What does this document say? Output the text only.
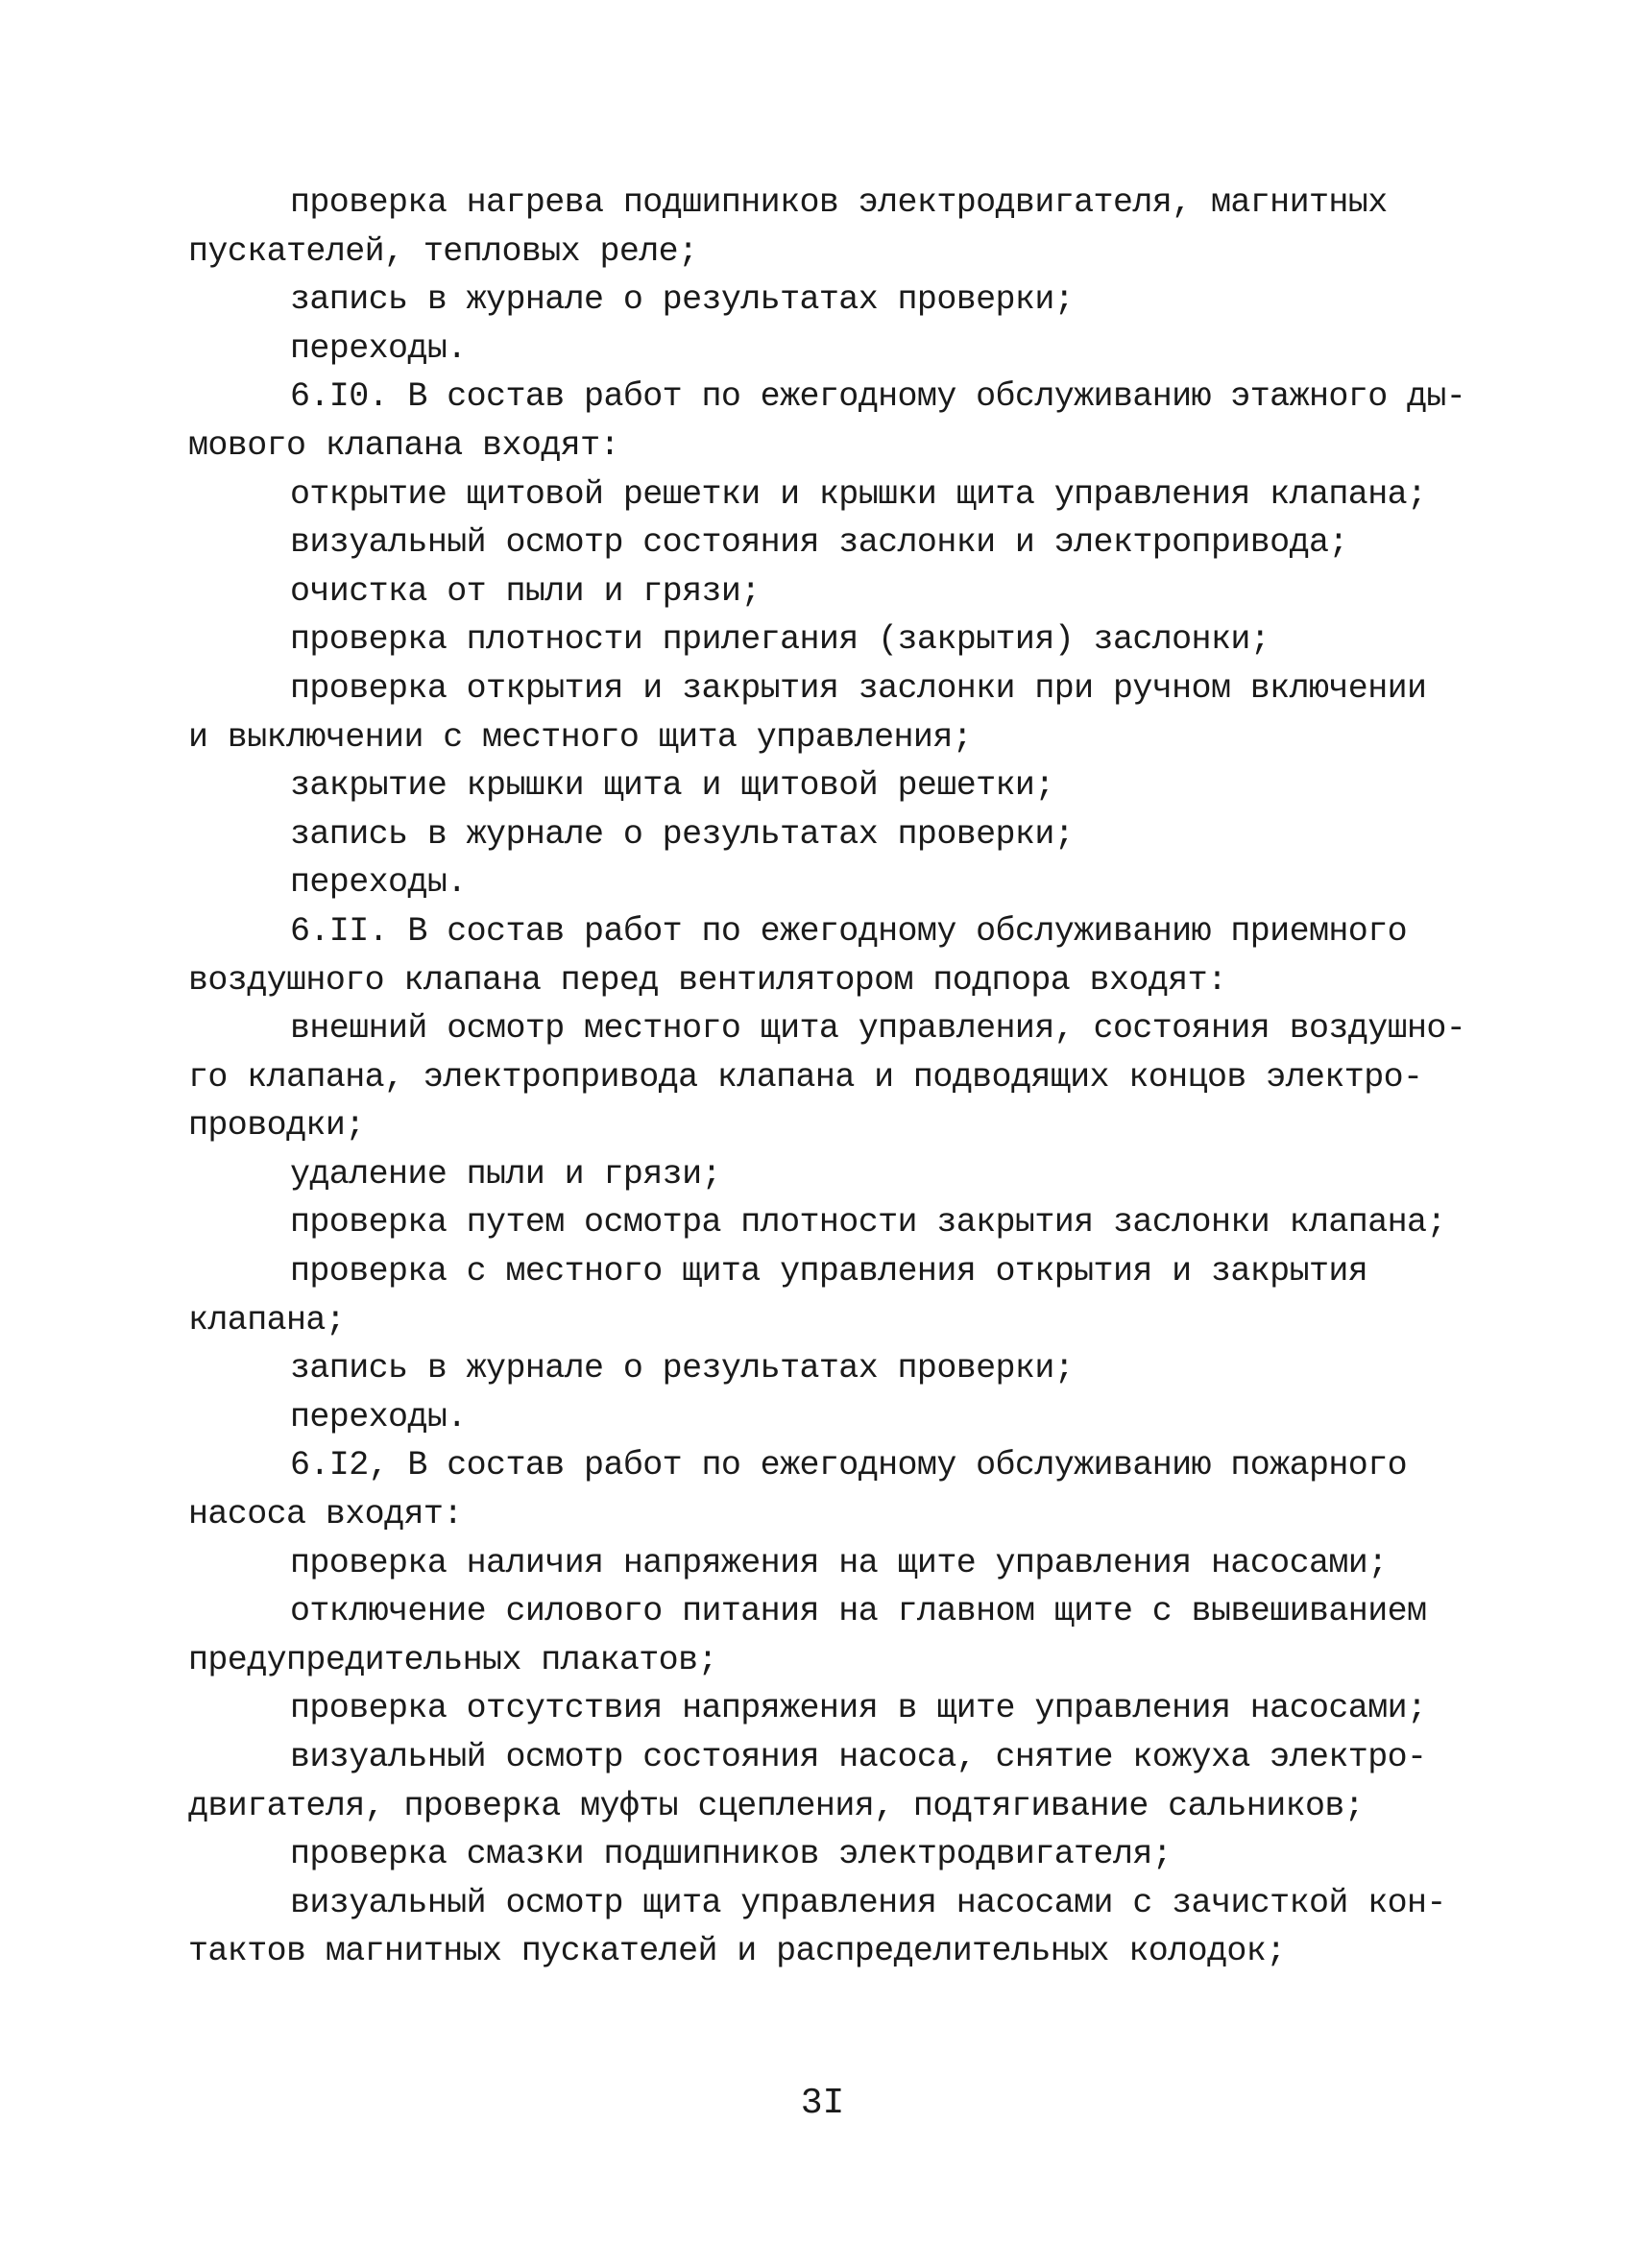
проверка нагрева подшипников электродвигателя, магнитных
пускателей, тепловых реле;
запись в журнале о результатах проверки;
переходы.
6.I0. В состав работ по ежегодному обслуживанию этажного ды-
мового клапана входят:
открытие щитовой решетки и крышки щита управления клапана;
визуальный осмотр состояния заслонки и электропривода;
очистка от пыли и грязи;
проверка плотности прилегания (закрытия) заслонки;
проверка открытия и закрытия заслонки при ручном включении
и выключении с местного щита управления;
закрытие крышки щита и щитовой решетки;
запись в журнале о результатах проверки;
переходы.
6.II. В состав работ по ежегодному обслуживанию приемного
воздушного клапана перед вентилятором подпора входят:
внешний осмотр местного щита управления, состояния воздушно-
го клапана, электропривода клапана и подводящих концов электро-
проводки;
удаление пыли и грязи;
проверка путем осмотра плотности закрытия заслонки клапана;
проверка с местного щита управления открытия и закрытия
клапана;
запись в журнале о результатах проверки;
переходы.
6.I2, В состав работ по ежегодному обслуживанию пожарного
насоса входят:
проверка наличия напряжения на щите управления насосами;
отключение силового питания на главном щите с вывешиванием
предупредительных плакатов;
проверка отсутствия напряжения в щите управления насосами;
визуальный осмотр состояния насоса, снятие кожуха электро-
двигателя, проверка муфты сцепления, подтягивание сальников;
проверка смазки подшипников электродвигателя;
визуальный осмотр щита управления насосами с зачисткой кон-
тактов магнитных пускателей и распределительных колодок;
3I
